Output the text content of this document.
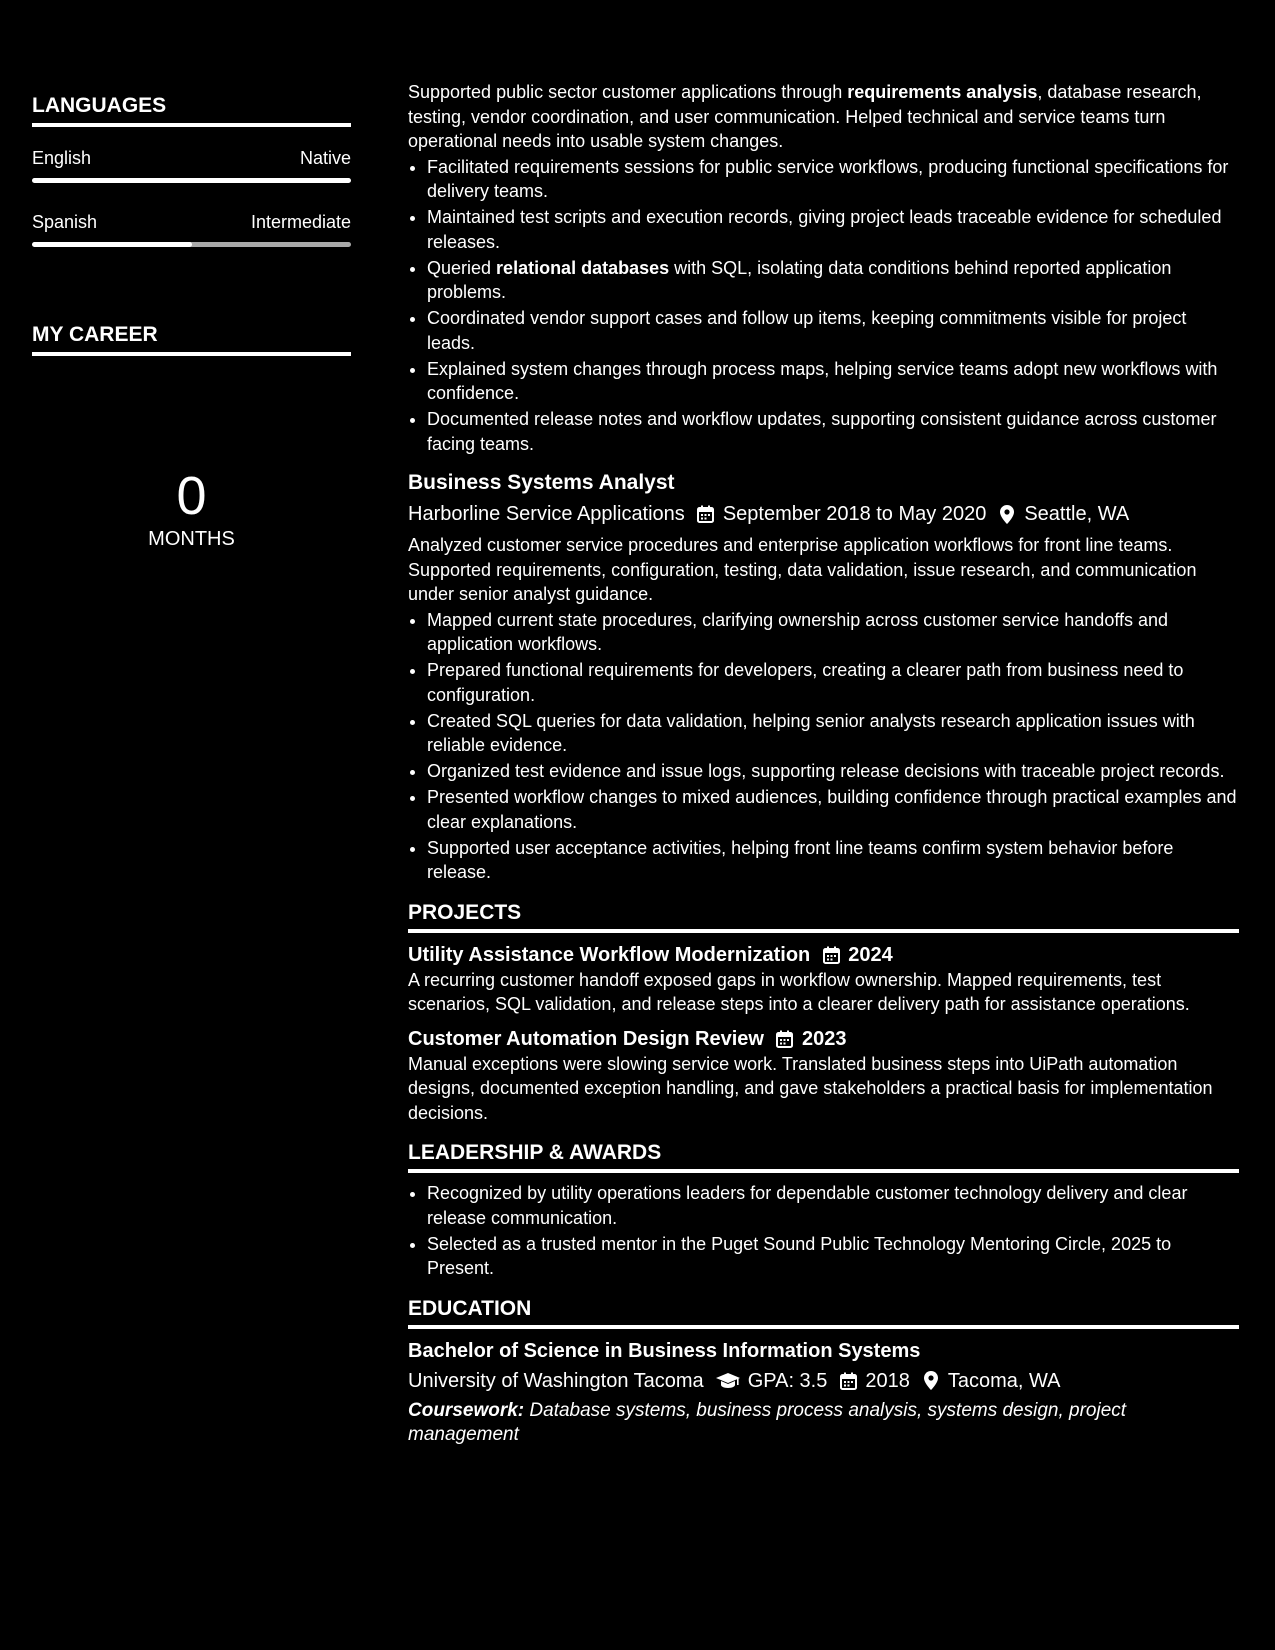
LANGUAGES
English	Native
Spanish	Intermediate
MY CAREER
0
MONTHS

Supported public sector customer applications through requirements analysis, database research, testing, vendor coordination, and user communication. Helped technical and service teams turn operational needs into usable system changes.

• Facilitated requirements sessions for public service workflows, producing functional specifications for delivery teams.
• Maintained test scripts and execution records, giving project leads traceable evidence for scheduled releases.
• Queried relational databases with SQL, isolating data conditions behind reported application problems.
• Coordinated vendor support cases and follow up items, keeping commitments visible for project leads.
• Explained system changes through process maps, helping service teams adopt new workflows with confidence.
• Documented release notes and workflow updates, supporting consistent guidance across customer facing teams.
Business Systems Analyst
Harborline Service Applications September 2018 to May 2020 Seattle, WA

Analyzed customer service procedures and enterprise application workflows for front line teams. Supported requirements, configuration, testing, data validation, issue research, and communication under senior analyst guidance.

• Mapped current state procedures, clarifying ownership across customer service handoffs and application workflows.
• Prepared functional requirements for developers, creating a clearer path from business need to configuration.
• Created SQL queries for data validation, helping senior analysts research application issues with reliable evidence.
• Organized test evidence and issue logs, supporting release decisions with traceable project records.
• Presented workflow changes to mixed audiences, building confidence through practical examples and clear explanations.
• Supported user acceptance activities, helping front line teams confirm system behavior before release.
PROJECTS
Utility Assistance Workflow Modernization 2024

A recurring customer handoff exposed gaps in workflow ownership. Mapped requirements, test scenarios, SQL validation, and release steps into a clearer delivery path for assistance operations.

Customer Automation Design Review 2023

Manual exceptions were slowing service work. Translated business steps into UiPath automation designs, documented exception handling, and gave stakeholders a practical basis for implementation decisions.

LEADERSHIP & AWARDS
• Recognized by utility operations leaders for dependable customer technology delivery and clear release communication.
• Selected as a trusted mentor in the Puget Sound Public Technology Mentoring Circle, 2025 to Present.
EDUCATION
Bachelor of Science in Business Information Systems
University of Washington Tacoma GPA: 3.5 2018 Tacoma, WA
Coursework: Database systems, business process analysis, systems design, project management
